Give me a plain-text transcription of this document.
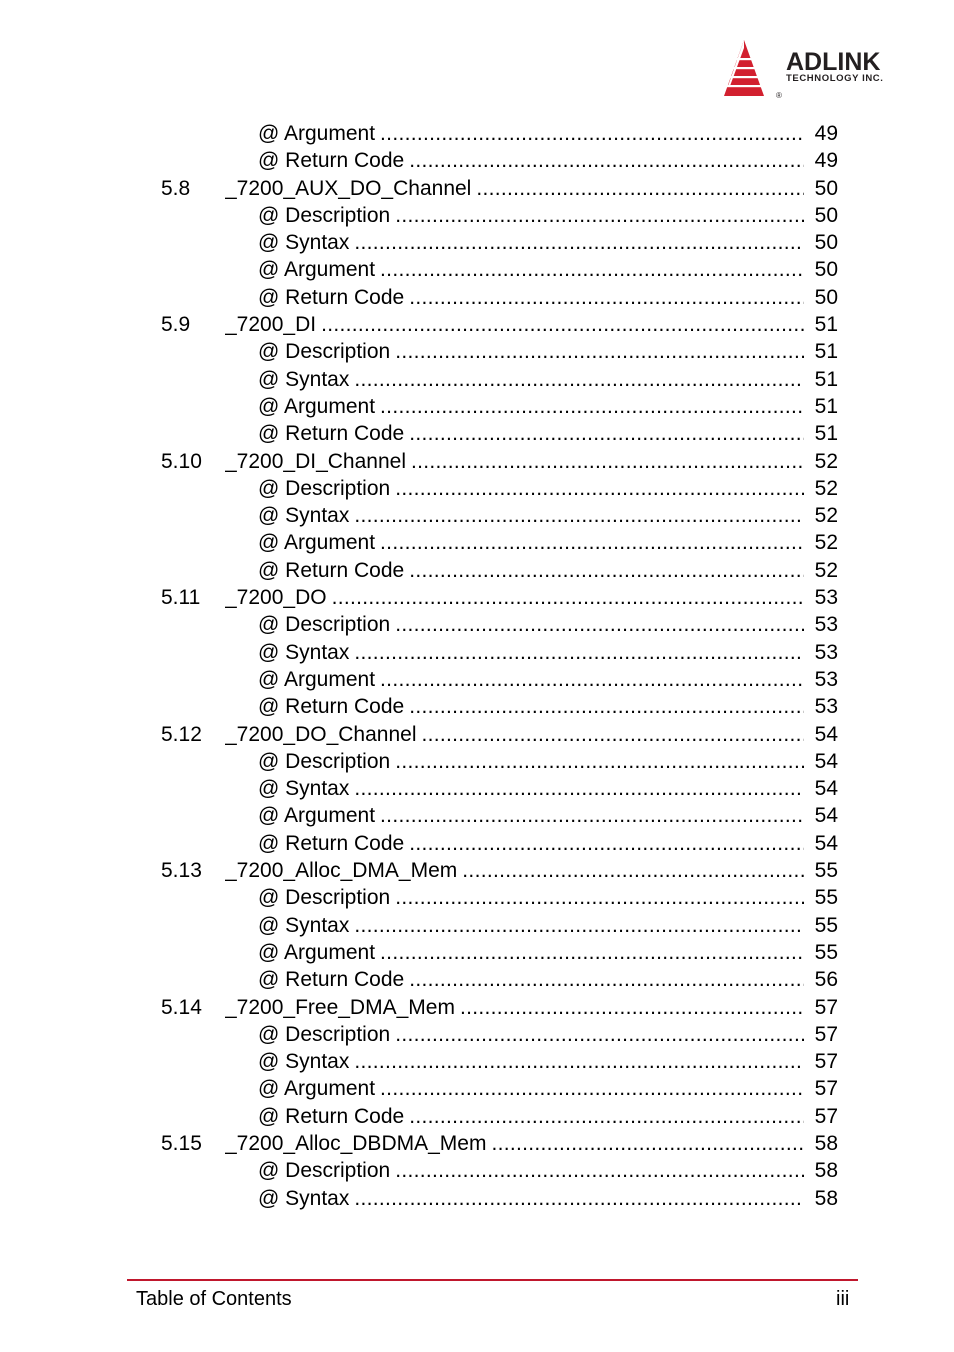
ADLINK
TECHNOLOGY INC.
®
@ Argument .....	49
@ Return Code .....	49
5.8 _7200_AUX_DO_Channel .....	50
@ Description .....	50
@ Syntax .....	50
@ Argument .....	50
@ Return Code .....	50
5.9 _7200_DI .....	51
@ Description .....	51
@ Syntax .....	51
@ Argument .....	51
@ Return Code .....	51
5.10 _7200_DI_Channel .....	52
@ Description .....	52
@ Syntax .....	52
@ Argument .....	52
@ Return Code .....	52
5.11 _7200_DO .....	53
@ Description .....	53
@ Syntax .....	53
@ Argument .....	53
@ Return Code .....	53
5.12 _7200_DO_Channel .....	54
@ Description .....	54
@ Syntax .....	54
@ Argument .....	54
@ Return Code .....	54
5.13 _7200_Alloc_DMA_Mem .....	55
@ Description .....	55
@ Syntax .....	55
@ Argument .....	55
@ Return Code .....	56
5.14 _7200_Free_DMA_Mem .....	57
@ Description .....	57
@ Syntax .....	57
@ Argument .....	57
@ Return Code .....	57
5.15 _7200_Alloc_DBDMA_Mem .....	58
@ Description .....	58
@ Syntax .....	58
Table of Contents	iii
